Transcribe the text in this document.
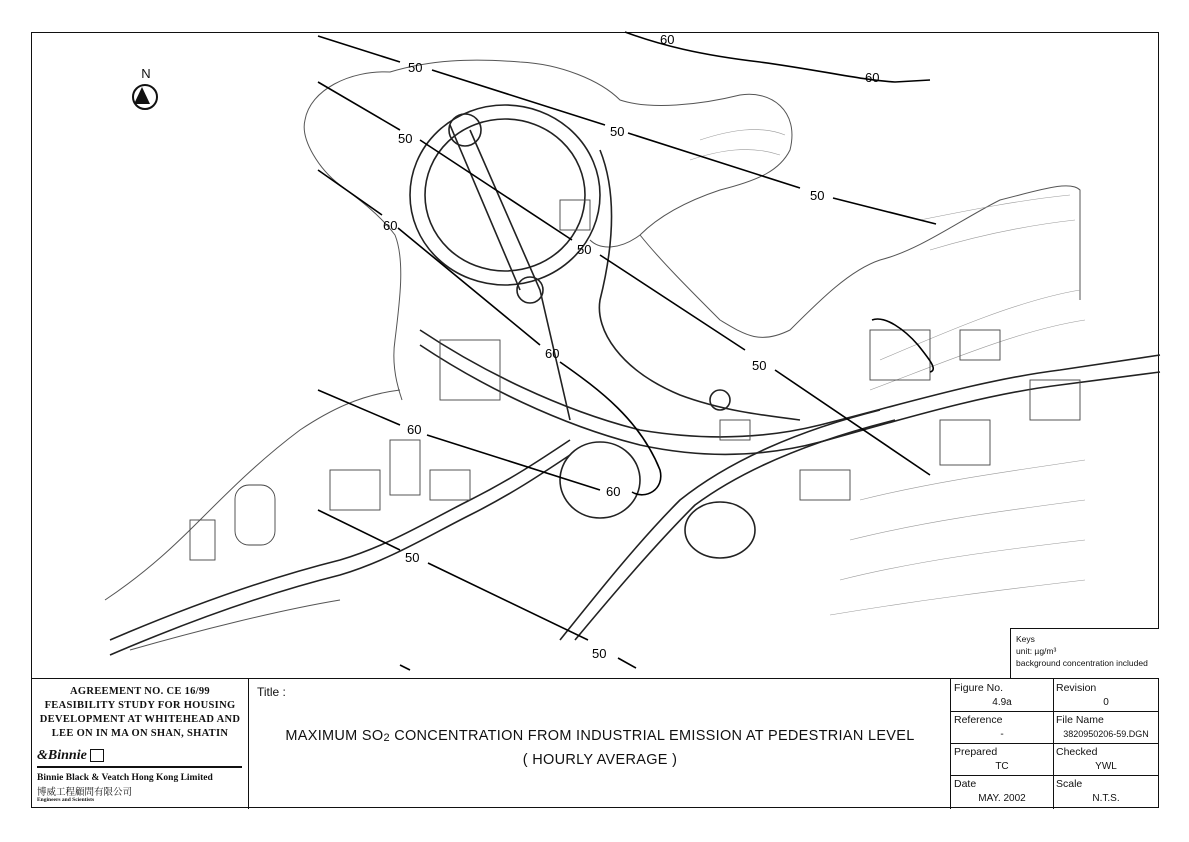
60
60
50
50
50
50
60
50
60
50
60
60
50
50
N
Keys
unit: µg/m³
background concentration included
AGREEMENT NO. CE 16/99
FEASIBILITY STUDY FOR HOUSING
DEVELOPMENT AT WHITEHEAD AND
LEE ON IN MA ON SHAN, SHATIN
&Binnie
Binnie Black & Veatch Hong Kong Limited
博威工程顧問有限公司
Engineers and Scientists
Title :
MAXIMUM $SO_2$ CONCENTRATION FROM INDUSTRIAL EMISSION AT PEDESTRIAN LEVEL
( HOURLY AVERAGE )
Figure No.
4.9a
Revision
0
Reference
-
File Name
3820950206-59.DGN
Prepared
TC
Checked
YWL
Date
MAY. 2002
Scale
N.T.S.
